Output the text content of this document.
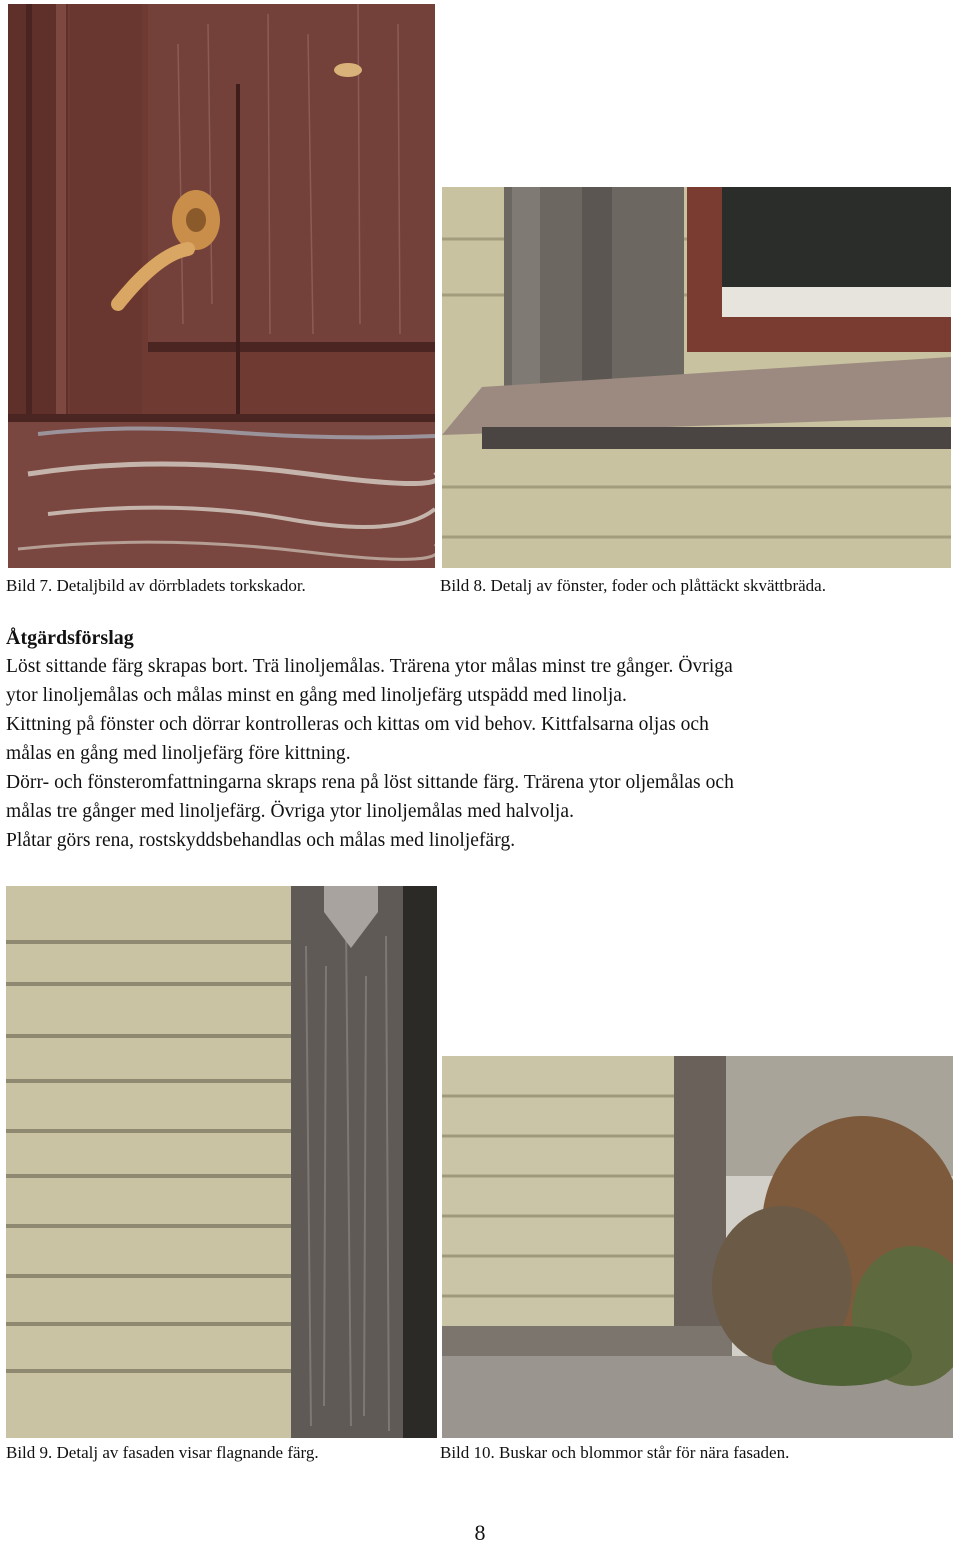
Bild 7. Detaljbild av dörrbladets torkskador.	Bild 8. Detalj av fönster, foder och plåttäckt skvättbräda.

Åtgärdsförslag

Löst sittande färg skrapas bort. Trä linoljemålas. Trärena ytor målas minst tre gånger. Övriga

ytor linoljemålas och målas minst en gång med linoljefärg utspädd med linolja.

Kittning på fönster och dörrar kontrolleras och kittas om vid behov. Kittfalsarna oljas och

målas en gång med linoljefärg före kittning.

Dörr- och fönsteromfattningarna skraps rena på löst sittande färg. Trärena ytor oljemålas och

målas tre gånger med linoljefärg. Övriga ytor linoljemålas med halvolja.

Plåtar görs rena, rostskyddsbehandlas och målas med linoljefärg.

Bild 9. Detalj av fasaden visar flagnande färg.	Bild 10. Buskar och blommor står för nära fasaden.
8
